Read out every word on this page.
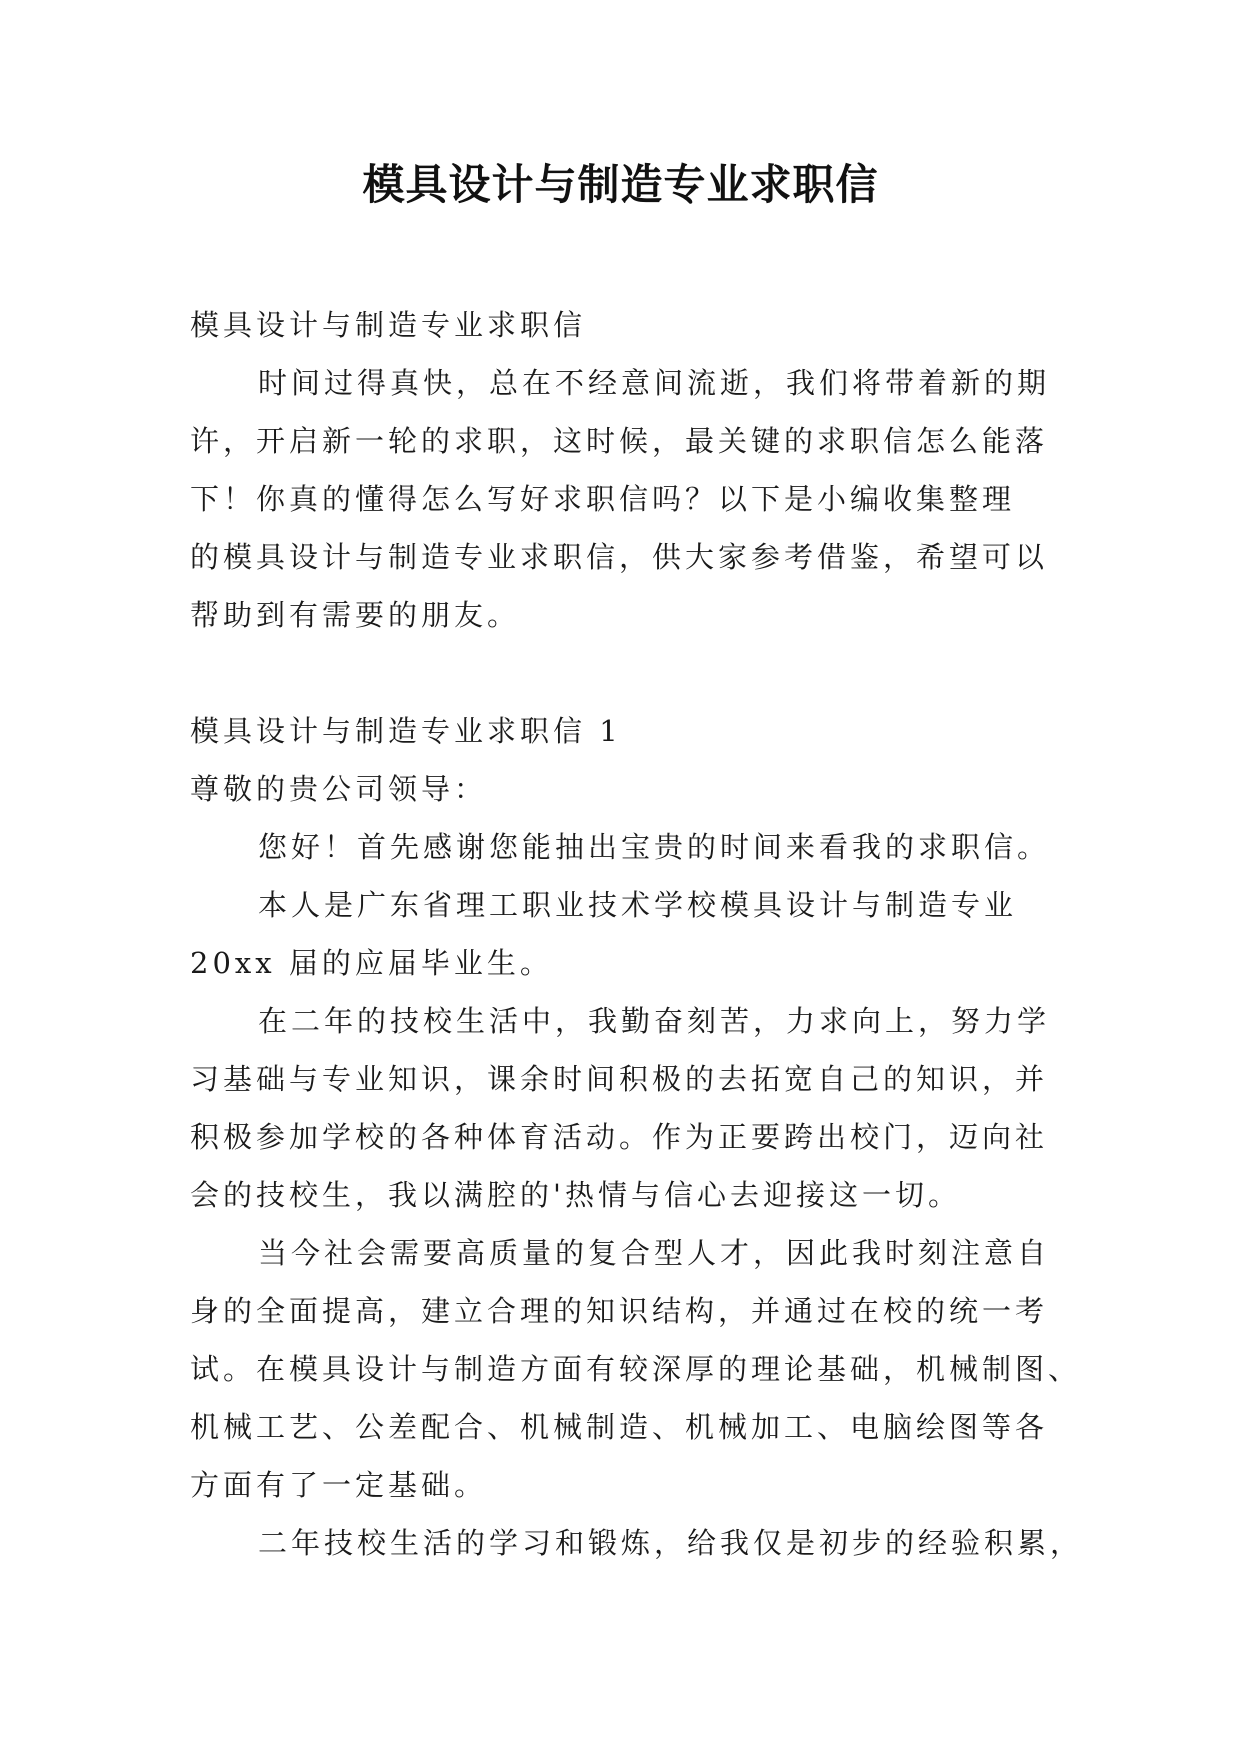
模具设计与制造专业求职信

模具设计与制造专业求职信

时间过得真快，总在不经意间流逝，我们将带着新的期

许，开启新一轮的求职，这时候，最关键的求职信怎么能落

下！你真的懂得怎么写好求职信吗？以下是小编收集整理

的模具设计与制造专业求职信，供大家参考借鉴，希望可以

帮助到有需要的朋友。

模具设计与制造专业求职信 1

尊敬的贵公司领导：

您好！首先感谢您能抽出宝贵的时间来看我的求职信。

本人是广东省理工职业技术学校模具设计与制造专业

20xx 届的应届毕业生。

在二年的技校生活中，我勤奋刻苦，力求向上，努力学

习基础与专业知识，课余时间积极的去拓宽自己的知识，并

积极参加学校的各种体育活动。作为正要跨出校门，迈向社

会的技校生，我以满腔的'热情与信心去迎接这一切。

当今社会需要高质量的复合型人才，因此我时刻注意自

身的全面提高，建立合理的知识结构，并通过在校的统一考

试。在模具设计与制造方面有较深厚的理论基础，机械制图、

机械工艺、公差配合、机械制造、机械加工、电脑绘图等各

方面有了一定基础。

二年技校生活的学习和锻炼，给我仅是初步的经验积累，
